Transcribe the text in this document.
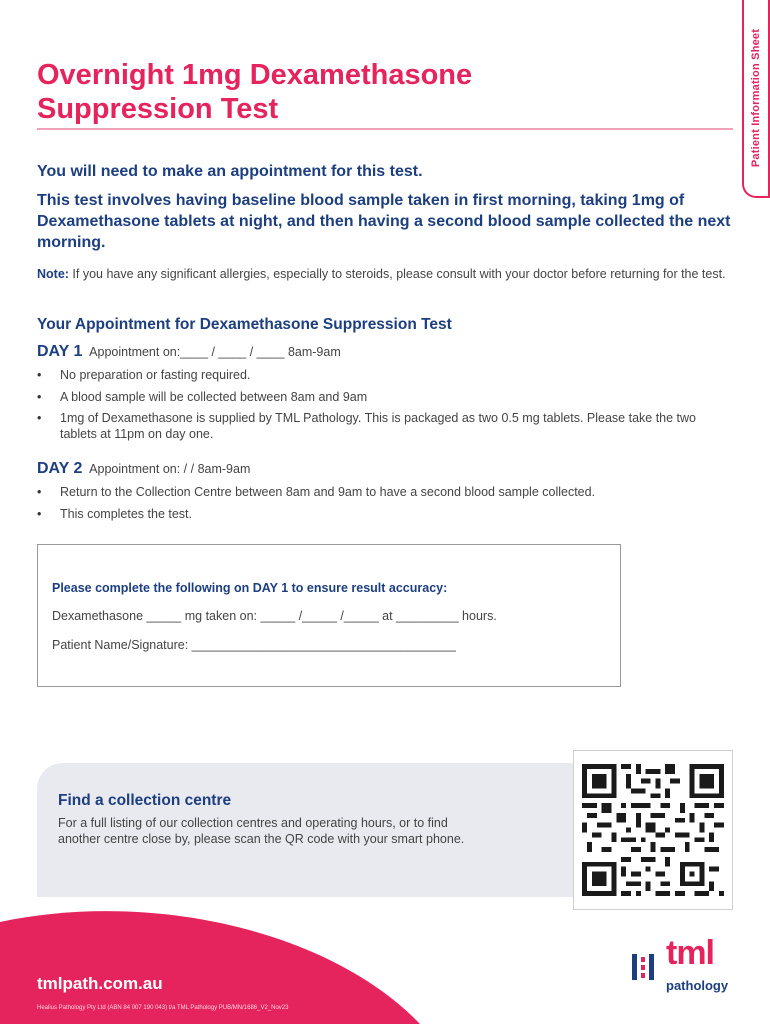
Patient Information Sheet
Overnight 1mg Dexamethasone
Suppression Test
You will need to make an appointment for this test.
This test involves having baseline blood sample taken in first morning, taking 1mg of Dexamethasone tablets at night, and then having a second blood sample collected the next morning.
Note: If you have any significant allergies, especially to steroids, please consult with your doctor before returning for the test.
Your Appointment for Dexamethasone Suppression Test
DAY 1 Appointment on:____ / ____ / ____ 8am-9am
• No preparation or fasting required.
• A blood sample will be collected between 8am and 9am
• 1mg of Dexamethasone is supplied by TML Pathology. This is packaged as two 0.5 mg tablets. Please take the two tablets at 11pm on day one.
DAY 2 Appointment on: / / 8am-9am
• Return to the Collection Centre between 8am and 9am to have a second blood sample collected.
• This completes the test.
Please complete the following on DAY 1 to ensure result accuracy:
Dexamethasone _____ mg taken on: _____ /_____ /_____ at _________ hours.
Patient Name/Signature: ______________________________________
Find a collection centre
For a full listing of our collection centres and operating hours, or to find another centre close by, please scan the QR code with your smart phone.
tmlpath.com.au
Healius Pathology Pty Ltd (ABN 84 007 190 043) t/a TML Pathology PUB/MN/1686_V2_Nov23
tml
pathology
